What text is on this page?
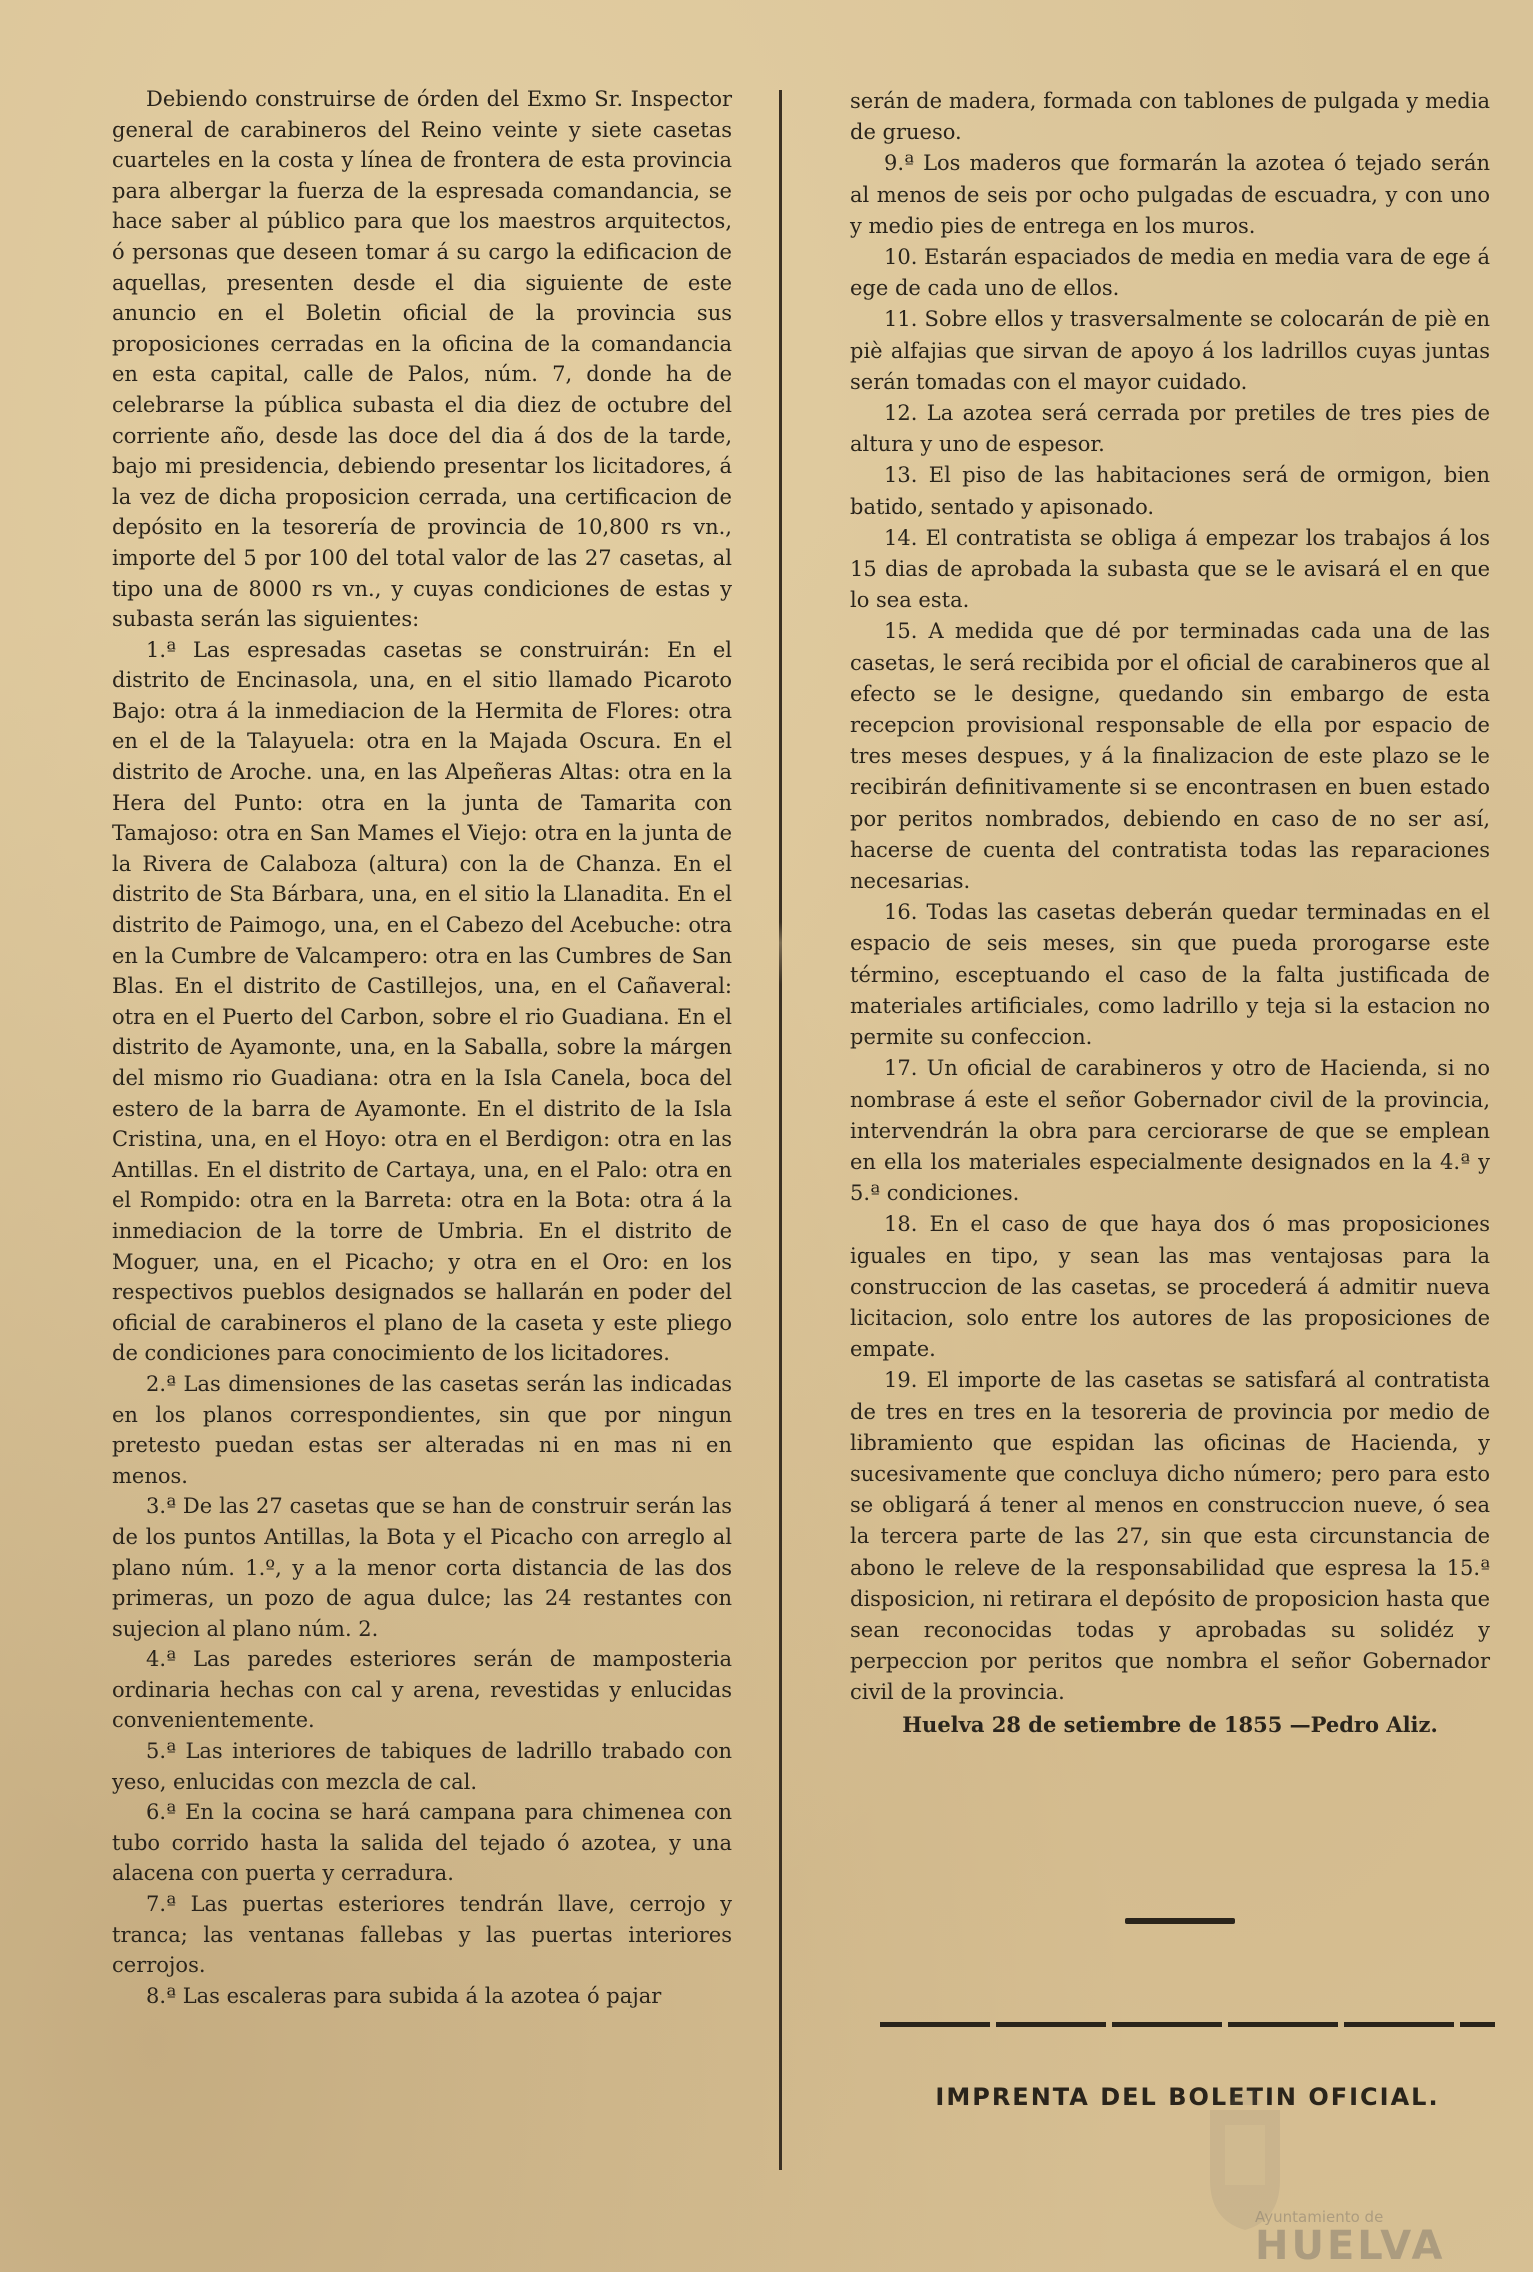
Debiendo construirse de órden del Exmo Sr. Inspector general de carabineros del Reino veinte y siete casetas cuarteles en la costa y línea de frontera de esta provincia para albergar la fuerza de la espresada comandancia, se hace saber al público para que los maestros arquitectos, ó personas que deseen tomar á su cargo la edificacion de aquellas, presenten desde el dia siguiente de este anuncio en el Boletin oficial de la provincia sus proposiciones cerradas en la oficina de la comandancia en esta capital, calle de Palos, núm. 7, donde ha de celebrarse la pública subasta el dia diez de octubre del corriente año, desde las doce del dia á dos de la tarde, bajo mi presidencia, debiendo presentar los licitadores, á la vez de dicha proposicion cerrada, una certificacion de depósito en la tesorería de provincia de 10,800 rs vn., importe del 5 por 100 del total valor de las 27 casetas, al tipo una de 8000 rs vn., y cuyas condiciones de estas y subasta serán las siguientes:

1.ª Las espresadas casetas se construirán: En el distrito de Encinasola, una, en el sitio llamado Picaroto Bajo: otra á la inmediacion de la Hermita de Flores: otra en el de la Talayuela: otra en la Majada Oscura. En el distrito de Aroche. una, en las Alpeñeras Altas: otra en la Hera del Punto: otra en la junta de Tamarita con Tamajoso: otra en San Mames el Viejo: otra en la junta de la Rivera de Calaboza (altura) con la de Chanza. En el distrito de Sta Bárbara, una, en el sitio la Llanadita. En el distrito de Paimogo, una, en el Cabezo del Acebuche: otra en la Cumbre de Valcampero: otra en las Cumbres de San Blas. En el distrito de Castillejos, una, en el Cañaveral: otra en el Puerto del Carbon, sobre el rio Guadiana. En el distrito de Ayamonte, una, en la Saballa, sobre la márgen del mismo rio Guadiana: otra en la Isla Canela, boca del estero de la barra de Ayamonte. En el distrito de la Isla Cristina, una, en el Hoyo: otra en el Berdigon: otra en las Antillas. En el distrito de Cartaya, una, en el Palo: otra en el Rompido: otra en la Barreta: otra en la Bota: otra á la inmediacion de la torre de Umbria. En el distrito de Moguer, una, en el Picacho; y otra en el Oro: en los respectivos pueblos designados se hallarán en poder del oficial de carabineros el plano de la caseta y este pliego de condiciones para conocimiento de los licitadores.

2.ª Las dimensiones de las casetas serán las indicadas en los planos correspondientes, sin que por ningun pretesto puedan estas ser alteradas ni en mas ni en menos.

3.ª De las 27 casetas que se han de construir serán las de los puntos Antillas, la Bota y el Picacho con arreglo al plano núm. 1.º, y a la menor corta distancia de las dos primeras, un pozo de agua dulce; las 24 restantes con sujecion al plano núm. 2.

4.ª Las paredes esteriores serán de mamposteria ordinaria hechas con cal y arena, revestidas y enlucidas convenientemente.

5.ª Las interiores de tabiques de ladrillo trabado con yeso, enlucidas con mezcla de cal.

6.ª En la cocina se hará campana para chimenea con tubo corrido hasta la salida del tejado ó azotea, y una alacena con puerta y cerradura.

7.ª Las puertas esteriores tendrán llave, cerrojo y tranca; las ventanas fallebas y las puertas interiores cerrojos.

8.ª Las escaleras para subida á la azotea ó pajar

serán de madera, formada con tablones de pulgada y media de grueso.

9.ª Los maderos que formarán la azotea ó tejado serán al menos de seis por ocho pulgadas de escuadra, y con uno y medio pies de entrega en los muros.

10. Estarán espaciados de media en media vara de ege á ege de cada uno de ellos.

11. Sobre ellos y trasversalmente se colocarán de piè en piè alfajias que sirvan de apoyo á los ladrillos cuyas juntas serán tomadas con el mayor cuidado.

12. La azotea será cerrada por pretiles de tres pies de altura y uno de espesor.

13. El piso de las habitaciones será de ormigon, bien batido, sentado y apisonado.

14. El contratista se obliga á empezar los trabajos á los 15 dias de aprobada la subasta que se le avisará el en que lo sea esta.

15. A medida que dé por terminadas cada una de las casetas, le será recibida por el oficial de carabineros que al efecto se le designe, quedando sin embargo de esta recepcion provisional responsable de ella por espacio de tres meses despues, y á la finalizacion de este plazo se le recibirán definitivamente si se encontrasen en buen estado por peritos nombrados, debiendo en caso de no ser así, hacerse de cuenta del contratista todas las reparaciones necesarias.

16. Todas las casetas deberán quedar terminadas en el espacio de seis meses, sin que pueda prorogarse este término, esceptuando el caso de la falta justificada de materiales artificiales, como ladrillo y teja si la estacion no permite su confeccion.

17. Un oficial de carabineros y otro de Hacienda, si no nombrase á este el señor Gobernador civil de la provincia, intervendrán la obra para cerciorarse de que se emplean en ella los materiales especialmente designados en la 4.ª y 5.ª condiciones.

18. En el caso de que haya dos ó mas proposiciones iguales en tipo, y sean las mas ventajosas para la construccion de las casetas, se procederá á admitir nueva licitacion, solo entre los autores de las proposiciones de empate.

19. El importe de las casetas se satisfará al contratista de tres en tres en la tesoreria de provincia por medio de libramiento que espidan las oficinas de Hacienda, y sucesivamente que concluya dicho número; pero para esto se obligará á tener al menos en construccion nueve, ó sea la tercera parte de las 27, sin que esta circunstancia de abono le releve de la responsabilidad que espresa la 15.ª disposicion, ni retirara el depósito de proposicion hasta que sean reconocidas todas y aprobadas su solidéz y perpeccion por peritos que nombra el señor Gobernador civil de la provincia.

Huelva 28 de setiembre de 1855 —Pedro Aliz.

IMPRENTA DEL BOLETIN OFICIAL.
Ayuntamiento de
HUELVA
